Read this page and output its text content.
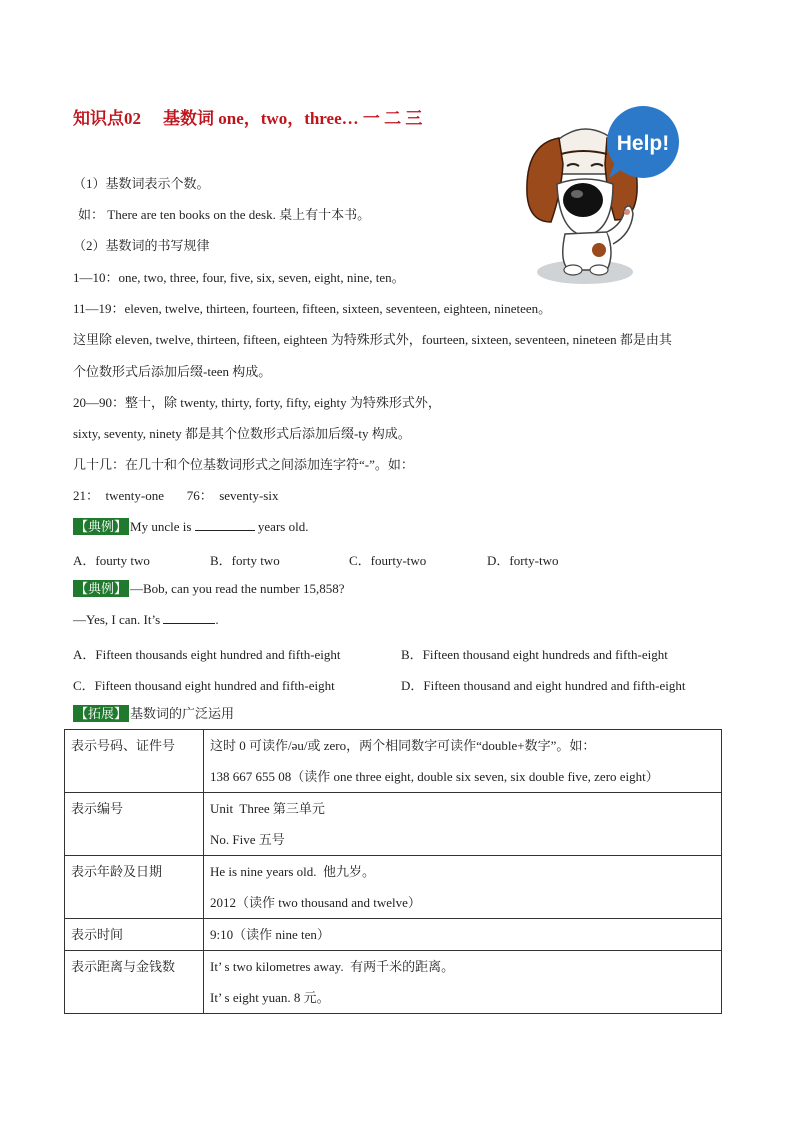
知识点02 基数词 one，two，three… 一 二 三
Help!
（1）基数词表示个数。
如： There are ten books on the desk. 桌上有十本书。
（2）基数词的书写规律
1—10：one, two, three, four, five, six, seven, eight, nine, ten。
11—19：eleven, twelve, thirteen, fourteen, fifteen, sixteen, seventeen, eighteen, nineteen。
这里除 eleven, twelve, thirteen, fifteen, eighteen 为特殊形式外，fourteen, sixteen, seventeen, nineteen 都是由其
个位数形式后添加后缀-teen 构成。
20—90：整十，除 twenty, thirty, forty, fifty, eighty 为特殊形式外，
sixty, seventy, ninety 都是其个位数形式后添加后缀-ty 构成。
几十几：在几十和个位基数词形式之间添加连字符“-”。如：
21：  twenty-one       76：  seventy-six
【典例】 My uncle is	years old.
A．fourty two	B．forty two	C．fourty-two	D．forty-two
【典例】 —Bob, can you read the number 15,858?
—Yes, I can. It’s	.
A．Fifteen thousands eight hundred and fifth-eight	B．Fifteen thousand eight hundreds and fifth-eight
C．Fifteen thousand eight hundred and fifth-eight	D．Fifteen thousand and eight hundred and fifth-eight
【拓展】 基数词的广泛运用
表示号码、证件号	这时 0 可读作/əu/或 zero，两个相同数字可读作“double+数字”。如：
138 667 655 08（读作 one three eight, double six seven, six double five, zero eight）

表示编号	Unit  Three 第三单元
No. Five 五号

表示年龄及日期	He is nine years old.  他九岁。
2012（读作 two thousand and twelve）

表示时间	9:10（读作 nine ten）

表示距离与金钱数	It’ s two kilometres away.  有两千米的距离。
It’ s eight yuan. 8 元。
